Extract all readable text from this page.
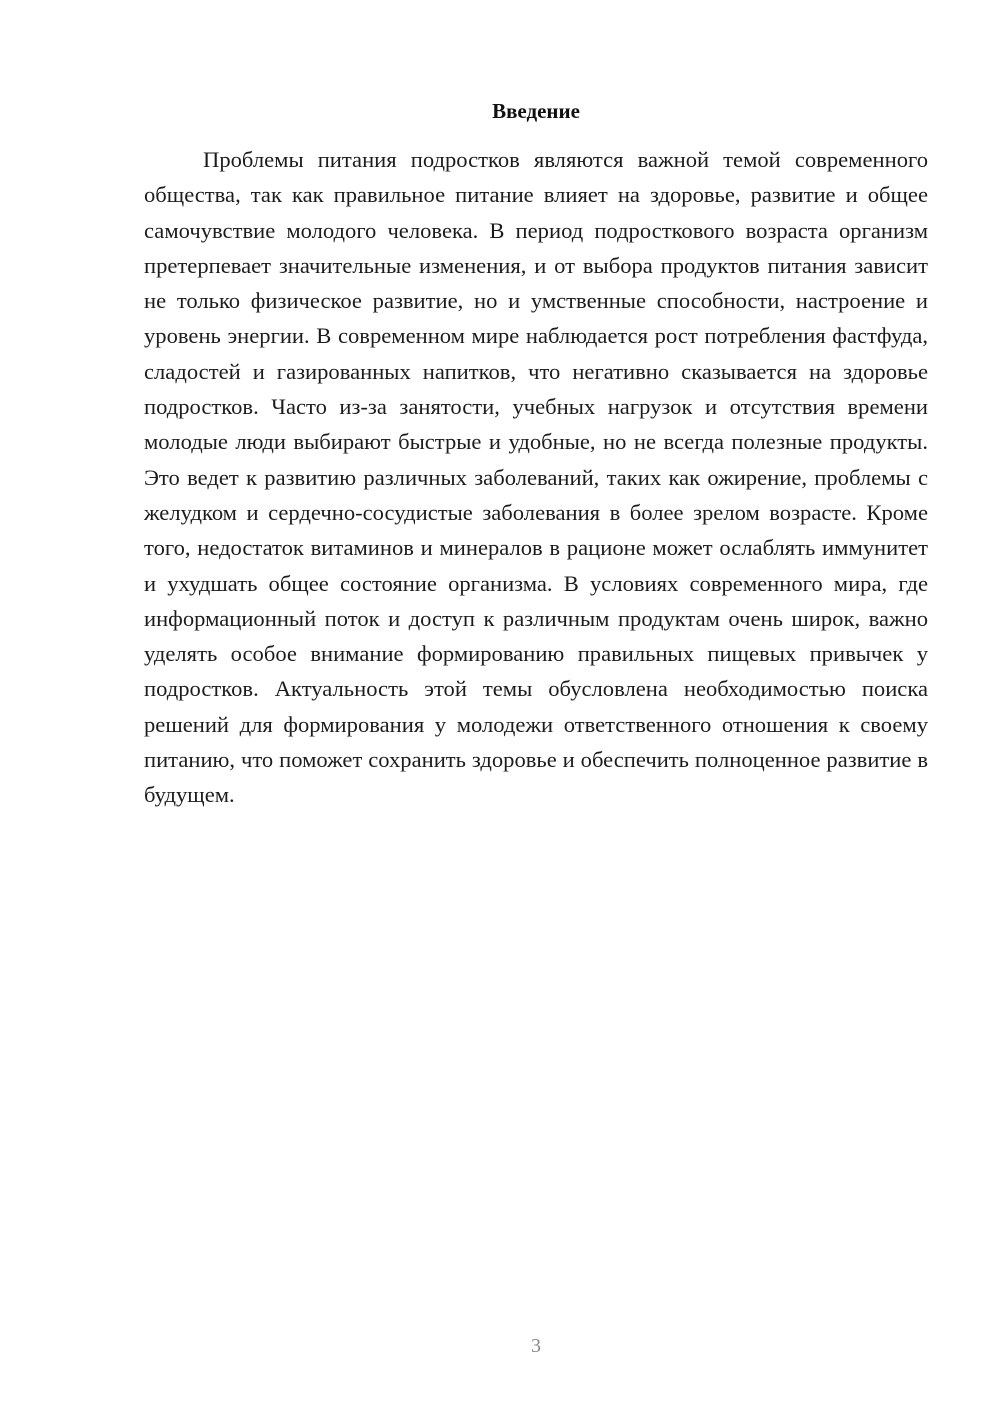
Введение

Проблемы питания подростков являются важной темой современного общества, так как правильное питание влияет на здоровье, развитие и общее самочувствие молодого человека. В период подросткового возраста организм претерпевает значительные изменения, и от выбора продуктов питания зависит не только физическое развитие, но и умственные способности, настроение и уровень энергии. В современном мире наблюдается рост потребления фастфуда, сладостей и газированных напитков, что негативно сказывается на здоровье подростков. Часто из-за занятости, учебных нагрузок и отсутствия времени молодые люди выбирают быстрые и удобные, но не всегда полезные продукты. Это ведет к развитию различных заболеваний, таких как ожирение, проблемы с желудком и сердечно-сосудистые заболевания в более зрелом возрасте. Кроме того, недостаток витаминов и минералов в рационе может ослаблять иммунитет и ухудшать общее состояние организма. В условиях современного мира, где информационный поток и доступ к различным продуктам очень широк, важно уделять особое внимание формированию правильных пищевых привычек у подростков. Актуальность этой темы обусловлена необходимостью поиска решений для формирования у молодежи ответственного отношения к своему питанию, что поможет сохранить здоровье и обеспечить полноценное развитие в будущем.

3
